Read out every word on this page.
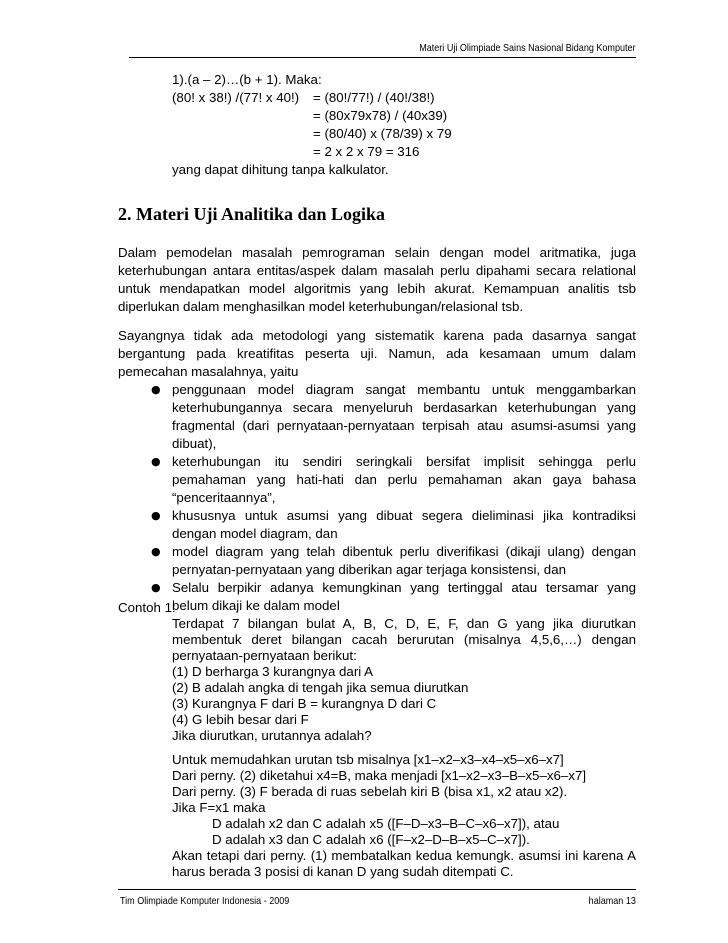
Materi Uji Olimpiade Sains Nasional Bidang Komputer
1).(a – 2)…(b + 1). Maka:
(80! x 38!) /(77! x 40!) = (80!/77!) / (40!/38!)
= (80x79x78) / (40x39)
= (80/40) x (78/39) x 79
= 2 x 2 x 79 = 316
yang dapat dihitung tanpa kalkulator.
2. Materi Uji Analitika dan Logika
Dalam pemodelan masalah pemrograman selain dengan model aritmatika, juga
keterhubungan antara entitas/aspek dalam masalah perlu dipahami secara relational
untuk mendapatkan model algoritmis yang lebih akurat. Kemampuan analitis tsb
diperlukan dalam menghasilkan model keterhubungan/relasional tsb.
Sayangnya tidak ada metodologi yang sistematik karena pada dasarnya sangat
bergantung pada kreatifitas peserta uji. Namun, ada kesamaan umum dalam
pemecahan masalahnya, yaitu
● penggunaan model diagram sangat membantu untuk menggambarkan
keterhubungannya secara menyeluruh berdasarkan keterhubungan yang
fragmental (dari pernyataan-pernyataan terpisah atau asumsi-asumsi yang
dibuat),
● keterhubungan itu sendiri seringkali bersifat implisit sehingga perlu
pemahaman yang hati-hati dan perlu pemahaman akan gaya bahasa
“penceritaannya”,
● khususnya untuk asumsi yang dibuat segera dieliminasi jika kontradiksi
dengan model diagram, dan
● model diagram yang telah dibentuk perlu diverifikasi (dikaji ulang) dengan
pernyatan-pernyataan yang diberikan agar terjaga konsistensi, dan
● Selalu berpikir adanya kemungkinan yang tertinggal atau tersamar yang
belum dikaji ke dalam model
Contoh 1:
Terdapat 7 bilangan bulat A, B, C, D, E, F, dan G yang jika diurutkan
membentuk deret bilangan cacah berurutan (misalnya 4,5,6,…) dengan
pernyataan-pernyataan berikut:
(1) D berharga 3 kurangnya dari A
(2) B adalah angka di tengah jika semua diurutkan
(3) Kurangnya F dari B = kurangnya D dari C
(4) G lebih besar dari F
Jika diurutkan, urutannya adalah?
Untuk memudahkan urutan tsb misalnya [x1–x2–x3–x4–x5–x6–x7]
Dari perny. (2) diketahui x4=B, maka menjadi [x1–x2–x3–B–x5–x6–x7]
Dari perny. (3) F berada di ruas sebelah kiri B (bisa x1, x2 atau x2).
Jika F=x1 maka
D adalah x2 dan C adalah x5 ([F–D–x3–B–C–x6–x7]), atau
Tim Olimpiade Komputer Indonesia - 2009	halaman 13
D adalah x3 dan C adalah x6 ([F–x2–D–B–x5–C–x7]).
Akan tetapi dari perny. (1) membatalkan kedua kemungk. asumsi ini karena A
harus berada 3 posisi di kanan D yang sudah ditempati C.
